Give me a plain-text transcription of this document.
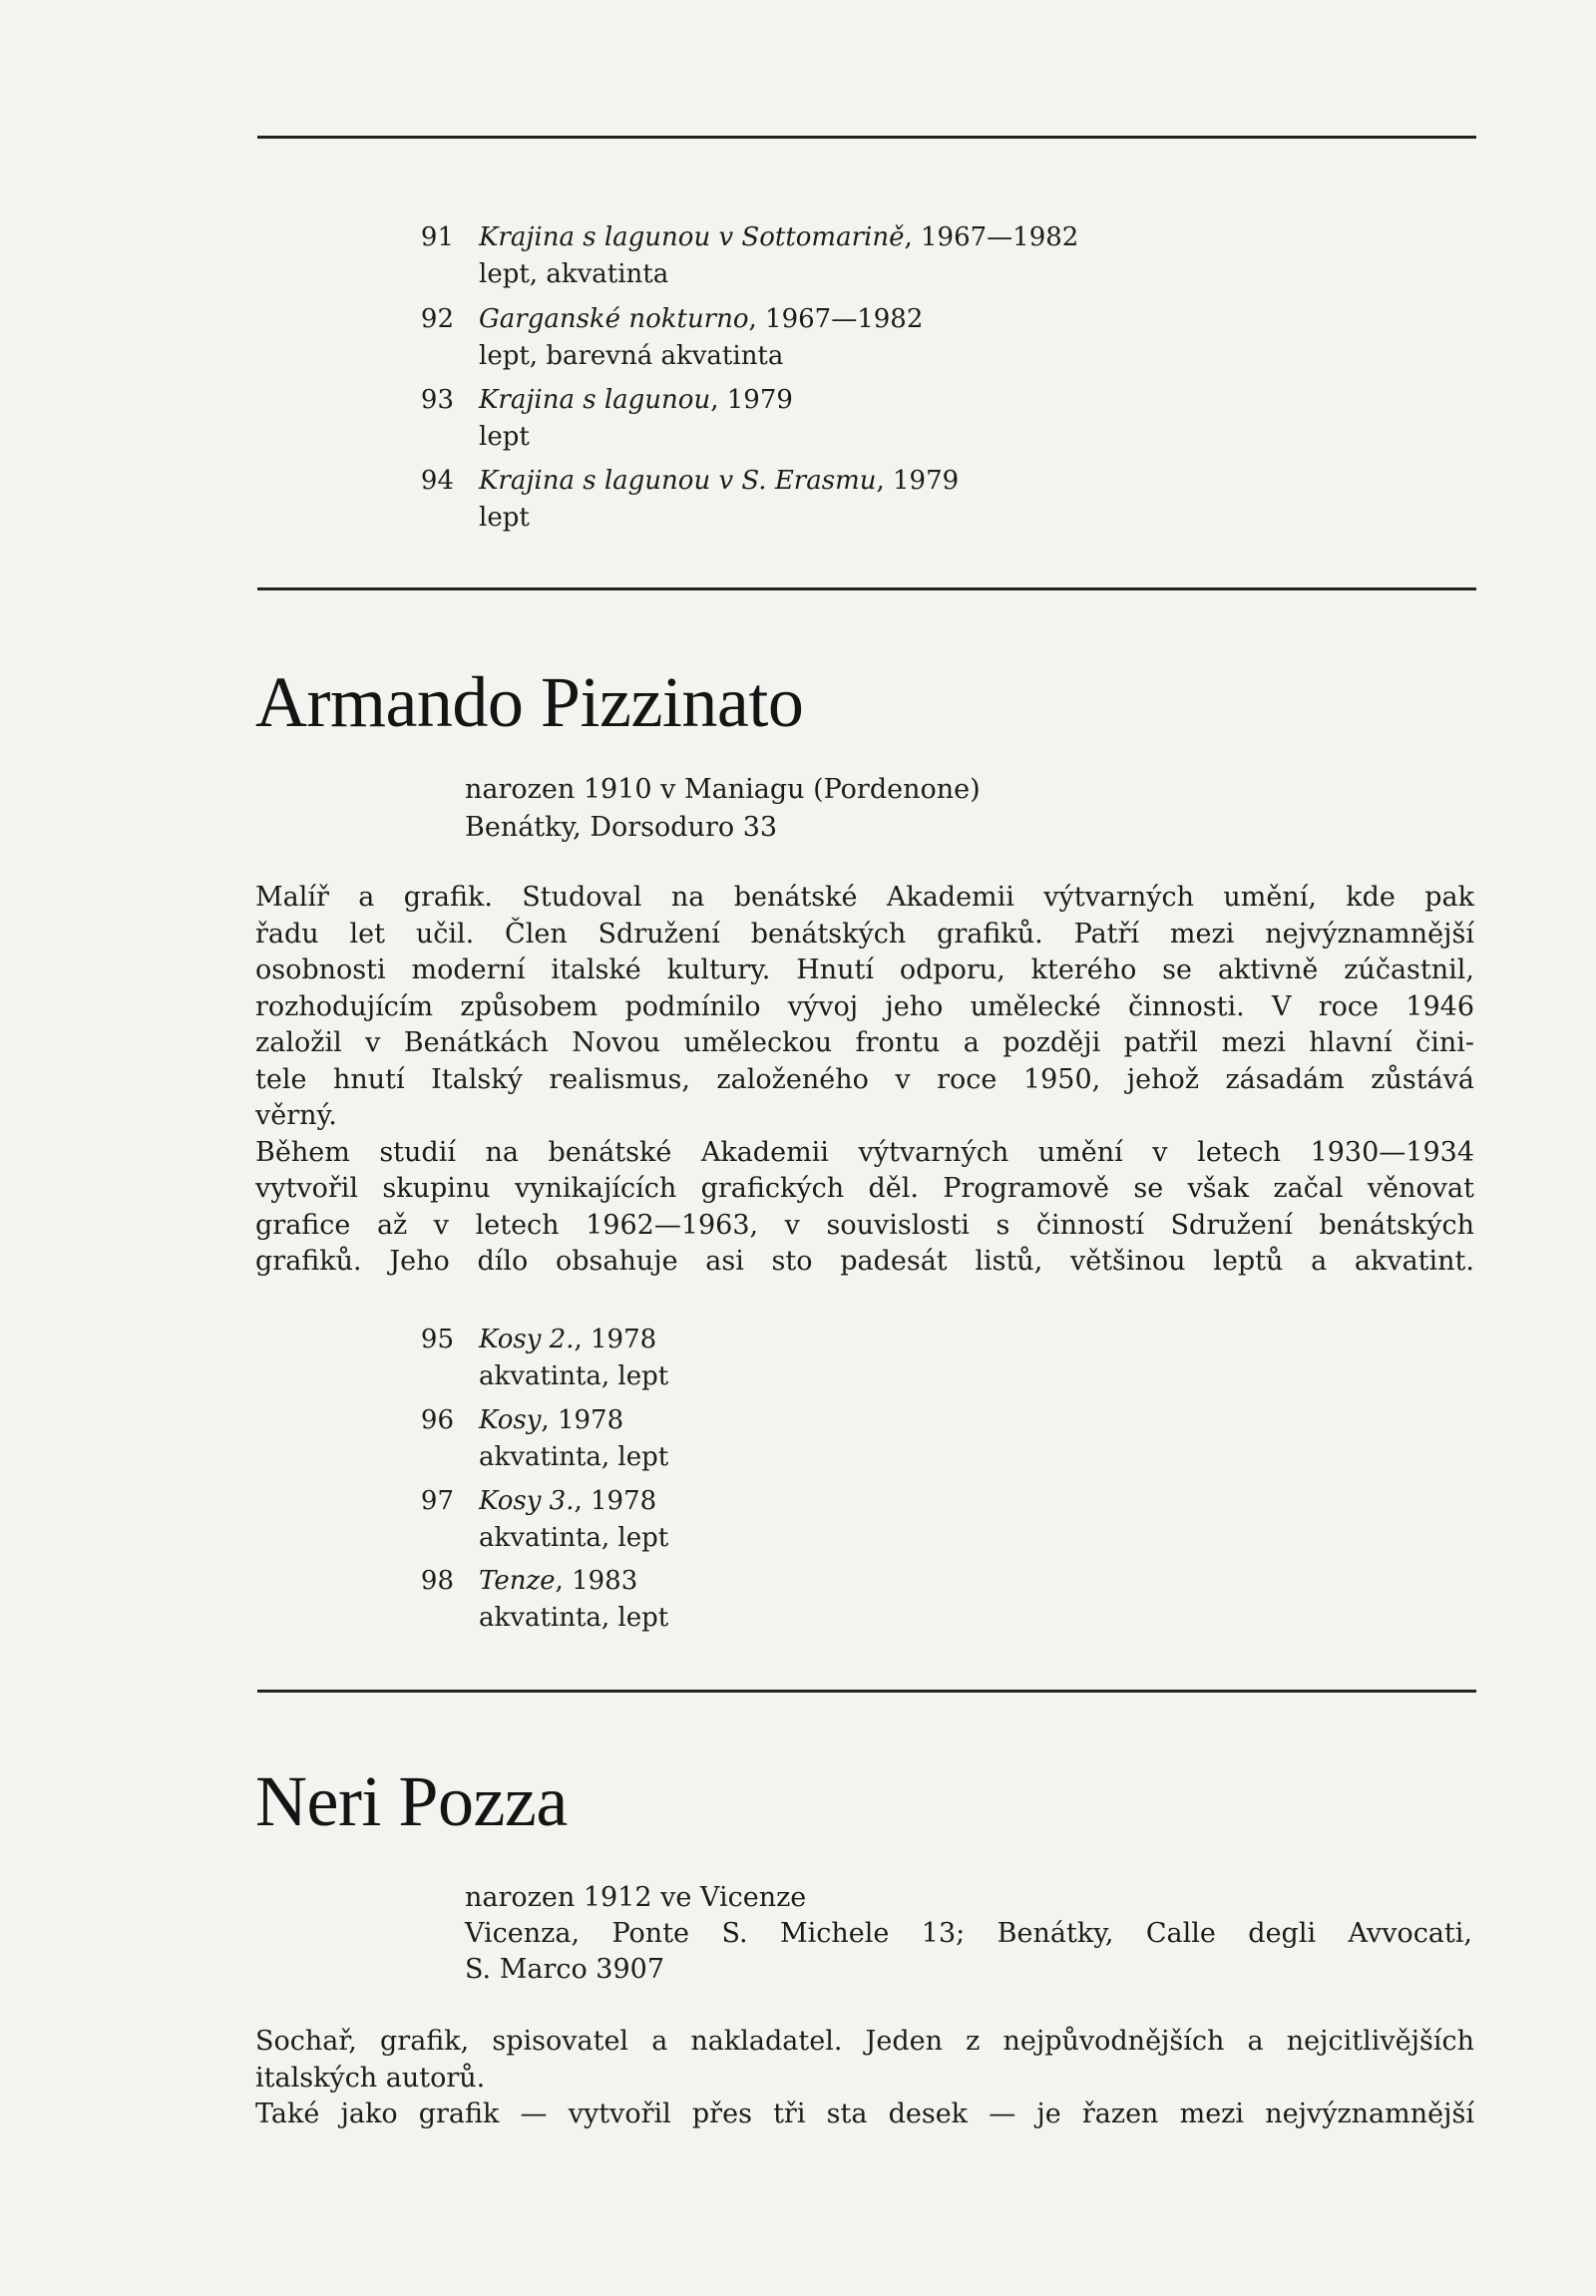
91 Krajina s lagunou v Sottomarině, 1967—1982
lept, akvatinta
92 Garganské nokturno, 1967—1982
lept, barevná akvatinta
93 Krajina s lagunou, 1979
lept
94 Krajina s lagunou v S. Erasmu, 1979
lept
Armando Pizzinato
narozen 1910 v Maniagu (Pordenone)
Benátky, Dorsoduro 33

Malíř a grafik. Studoval na benátské Akademii výtvarných umění, kde pak

řadu let učil. Člen Sdružení benátských grafiků. Patří mezi nejvýznamnější

osobnosti moderní italské kultury. Hnutí odporu, kterého se aktivně zúčastnil,

rozhodujícím způsobem podmínilo vývoj jeho umělecké činnosti. V roce 1946

založil v Benátkách Novou uměleckou frontu a později patřil mezi hlavní čini-

tele hnutí Italský realismus, založeného v roce 1950, jehož zásadám zůstává

věrný.

Během studií na benátské Akademii výtvarných umění v letech 1930—1934

vytvořil skupinu vynikajících grafických děl. Programově se však začal věnovat

grafice až v letech 1962—1963, v souvislosti s činností Sdružení benátských

grafiků. Jeho dílo obsahuje asi sto padesát listů, většinou leptů a akvatint.

95 Kosy 2., 1978
akvatinta, lept
96 Kosy, 1978
akvatinta, lept
97 Kosy 3., 1978
akvatinta, lept
98 Tenze, 1983
akvatinta, lept
Neri Pozza
narozen 1912 ve Vicenze
Vicenza, Ponte S. Michele 13; Benátky, Calle degli Avvocati,
S. Marco 3907

Sochař, grafik, spisovatel a nakladatel. Jeden z nejpůvodnějších a nejcitlivějších

italských autorů.

Také jako grafik — vytvořil přes tři sta desek — je řazen mezi nejvýznamnější
